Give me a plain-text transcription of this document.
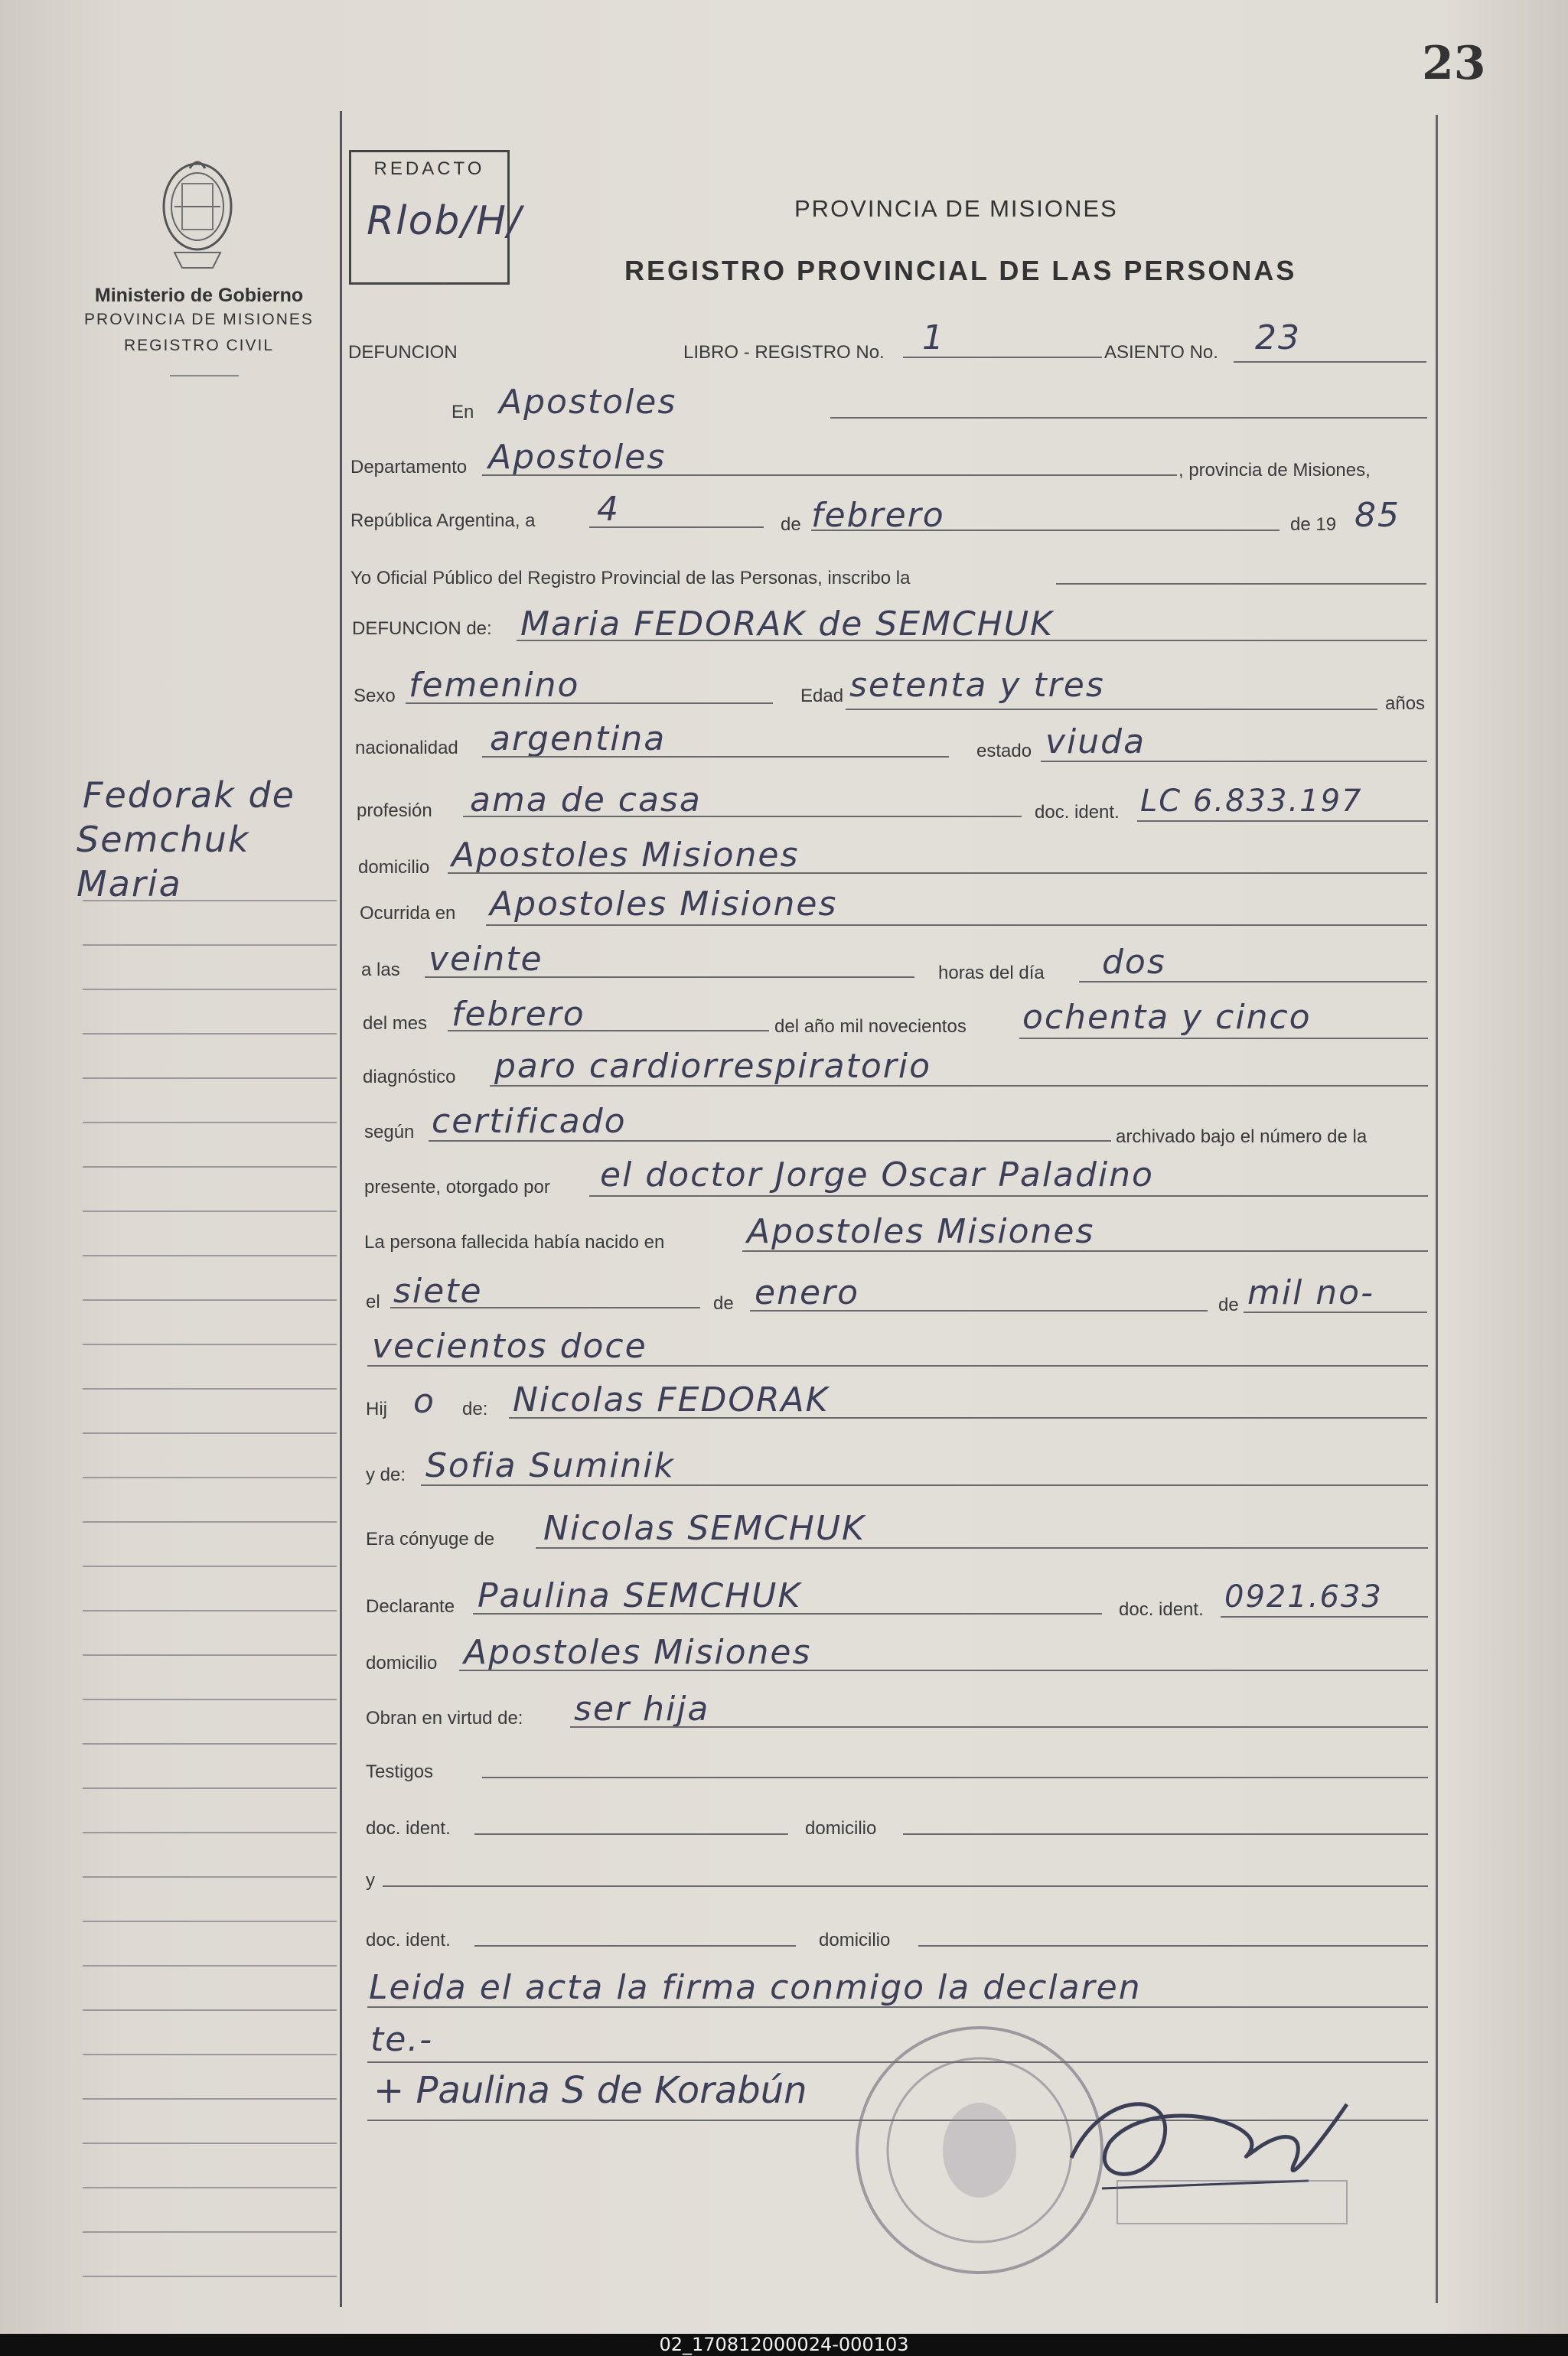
23
Ministerio de Gobierno
PROVINCIA DE MISIONES
REGISTRO CIVIL
REDACTO
Rlob/H/	PROVINCIA DE MISIONES
REGISTRO PROVINCIAL DE LAS PERSONAS
DEFUNCION	LIBRO - REGISTRO No. 1	ASIENTO No. 23
Fedorak de
Semchuk
Maria
En Apostoles
Departamento Apostoles	, provincia de Misiones,
República Argentina, a 4	de febrero	de 19 85
Yo Oficial Público del Registro Provincial de las Personas, inscribo la
DEFUNCION de: Maria FEDORAK de SEMCHUK
Sexo femenino	Edad setenta y tres	años
nacionalidad argentina	estado viuda
profesión ama de casa	doc. ident. LC 6.833.197
domicilio Apostoles Misiones
Ocurrida en Apostoles Misiones
a las veinte	horas del día dos
del mes febrero	del año mil novecientos ochenta y cinco
diagnóstico paro cardiorrespiratorio
según certificado	archivado bajo el número de la
presente, otorgado por el doctor Jorge Oscar Paladino
La persona fallecida había nacido en Apostoles Misiones
el siete	de enero	de mil no-
vecientos doce
Hij o de: Nicolas FEDORAK
y de: Sofia Suminik
Era cónyuge de Nicolas SEMCHUK
Declarante Paulina SEMCHUK	doc. ident. 0921.633
domicilio Apostoles Misiones
Obran en virtud de: ser hija
Testigos
doc. ident.	domicilio
y
doc. ident.	domicilio
Leida el acta la firma conmigo la declaren
te.-
+ Paulina S de Korabún
02_170812000024-000103
